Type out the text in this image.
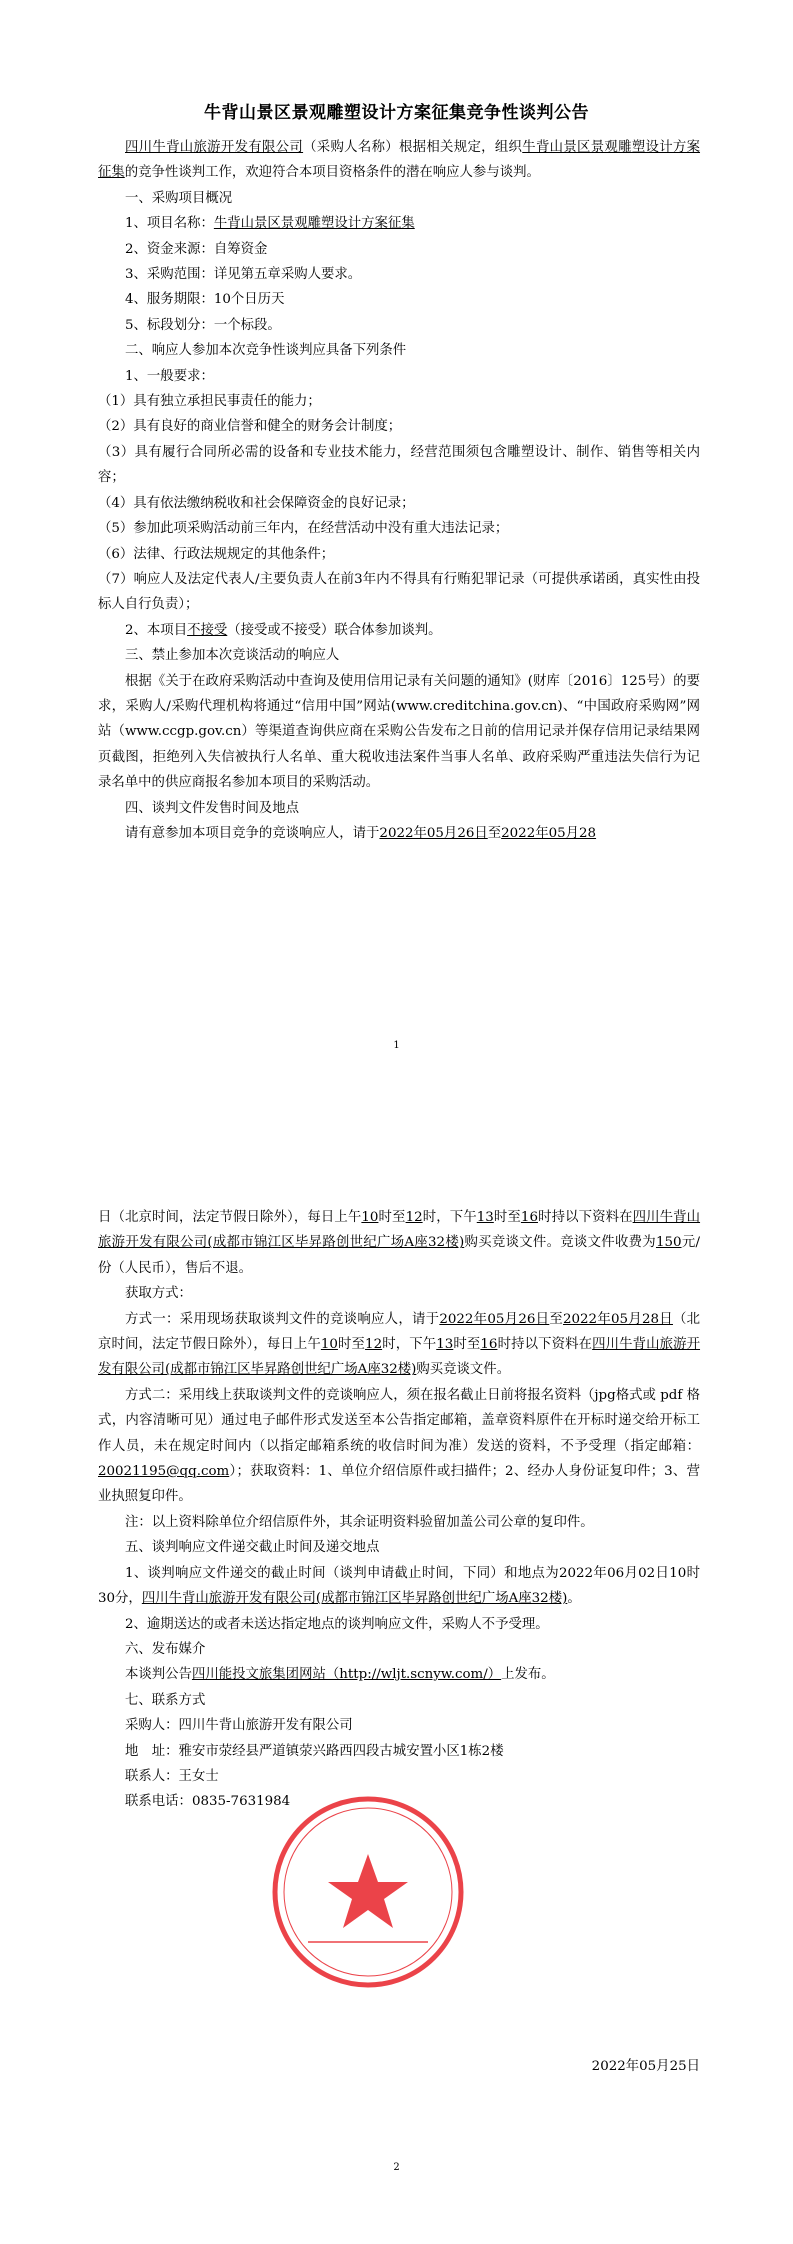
牛背山景区景观雕塑设计方案征集竞争性谈判公告

四川牛背山旅游开发有限公司（采购人名称）根据相关规定，组织牛背山景区景观雕塑设计方案征集的竞争性谈判工作，欢迎符合本项目资格条件的潜在响应人参与谈判。

一、采购项目概况

1、项目名称：牛背山景区景观雕塑设计方案征集

2、资金来源：自筹资金

3、采购范围：详见第五章采购人要求。

4、服务期限：10个日历天

5、标段划分：一个标段。

二、响应人参加本次竞争性谈判应具备下列条件

1、一般要求：

（1）具有独立承担民事责任的能力；

（2）具有良好的商业信誉和健全的财务会计制度；

（3）具有履行合同所必需的设备和专业技术能力，经营范围须包含雕塑设计、制作、销售等相关内容；

（4）具有依法缴纳税收和社会保障资金的良好记录；

（5）参加此项采购活动前三年内，在经营活动中没有重大违法记录；

（6）法律、行政法规规定的其他条件；

（7）响应人及法定代表人/主要负责人在前3年内不得具有行贿犯罪记录（可提供承诺函，真实性由投标人自行负责）；

2、本项目不接受（接受或不接受）联合体参加谈判。

三、禁止参加本次竞谈活动的响应人

根据《关于在政府采购活动中查询及使用信用记录有关问题的通知》(财库〔2016〕125号）的要求，采购人/采购代理机构将通过“信用中国”网站(www.creditchina.gov.cn)、“中国政府采购网”网站（www.ccgp.gov.cn）等渠道查询供应商在采购公告发布之日前的信用记录并保存信用记录结果网页截图，拒绝列入失信被执行人名单、重大税收违法案件当事人名单、政府采购严重违法失信行为记录名单中的供应商报名参加本项目的采购活动。

四、谈判文件发售时间及地点

请有意参加本项目竞争的竞谈响应人，请于2022年05月26日至2022年05月28

1

日（北京时间，法定节假日除外），每日上午10时至12时，下午13时至16时持以下资料在四川牛背山旅游开发有限公司(成都市锦江区毕昇路创世纪广场A座32楼)购买竞谈文件。竞谈文件收费为150元/份（人民币），售后不退。

获取方式：

方式一：采用现场获取谈判文件的竞谈响应人，请于2022年05月26日至2022年05月28日（北京时间，法定节假日除外），每日上午10时至12时，下午13时至16时持以下资料在四川牛背山旅游开发有限公司(成都市锦江区毕昇路创世纪广场A座32楼)购买竞谈文件。

方式二：采用线上获取谈判文件的竞谈响应人，须在报名截止日前将报名资料（jpg格式或 pdf 格式，内容清晰可见）通过电子邮件形式发送至本公告指定邮箱，盖章资料原件在开标时递交给开标工作人员，未在规定时间内（以指定邮箱系统的收信时间为准）发送的资料，不予受理（指定邮箱：20021195@qq.com）；获取资料：1、单位介绍信原件或扫描件；2、经办人身份证复印件；3、营业执照复印件。

注：以上资料除单位介绍信原件外，其余证明资料验留加盖公司公章的复印件。

五、谈判响应文件递交截止时间及递交地点

1、谈判响应文件递交的截止时间（谈判申请截止时间，下同）和地点为2022年06月02日10时30分，四川牛背山旅游开发有限公司(成都市锦江区毕昇路创世纪广场A座32楼)。

2、逾期送达的或者未送达指定地点的谈判响应文件，采购人不予受理。

六、发布媒介

本谈判公告四川能投文旅集团网站（http://wljt.scnyw.com/）上发布。

七、联系方式

采购人：四川牛背山旅游开发有限公司

地　址：雅安市荥经县严道镇荥兴路西四段古城安置小区1栋2楼

联系人：王女士

联系电话：0835-7631984

2022年05月25日
2
